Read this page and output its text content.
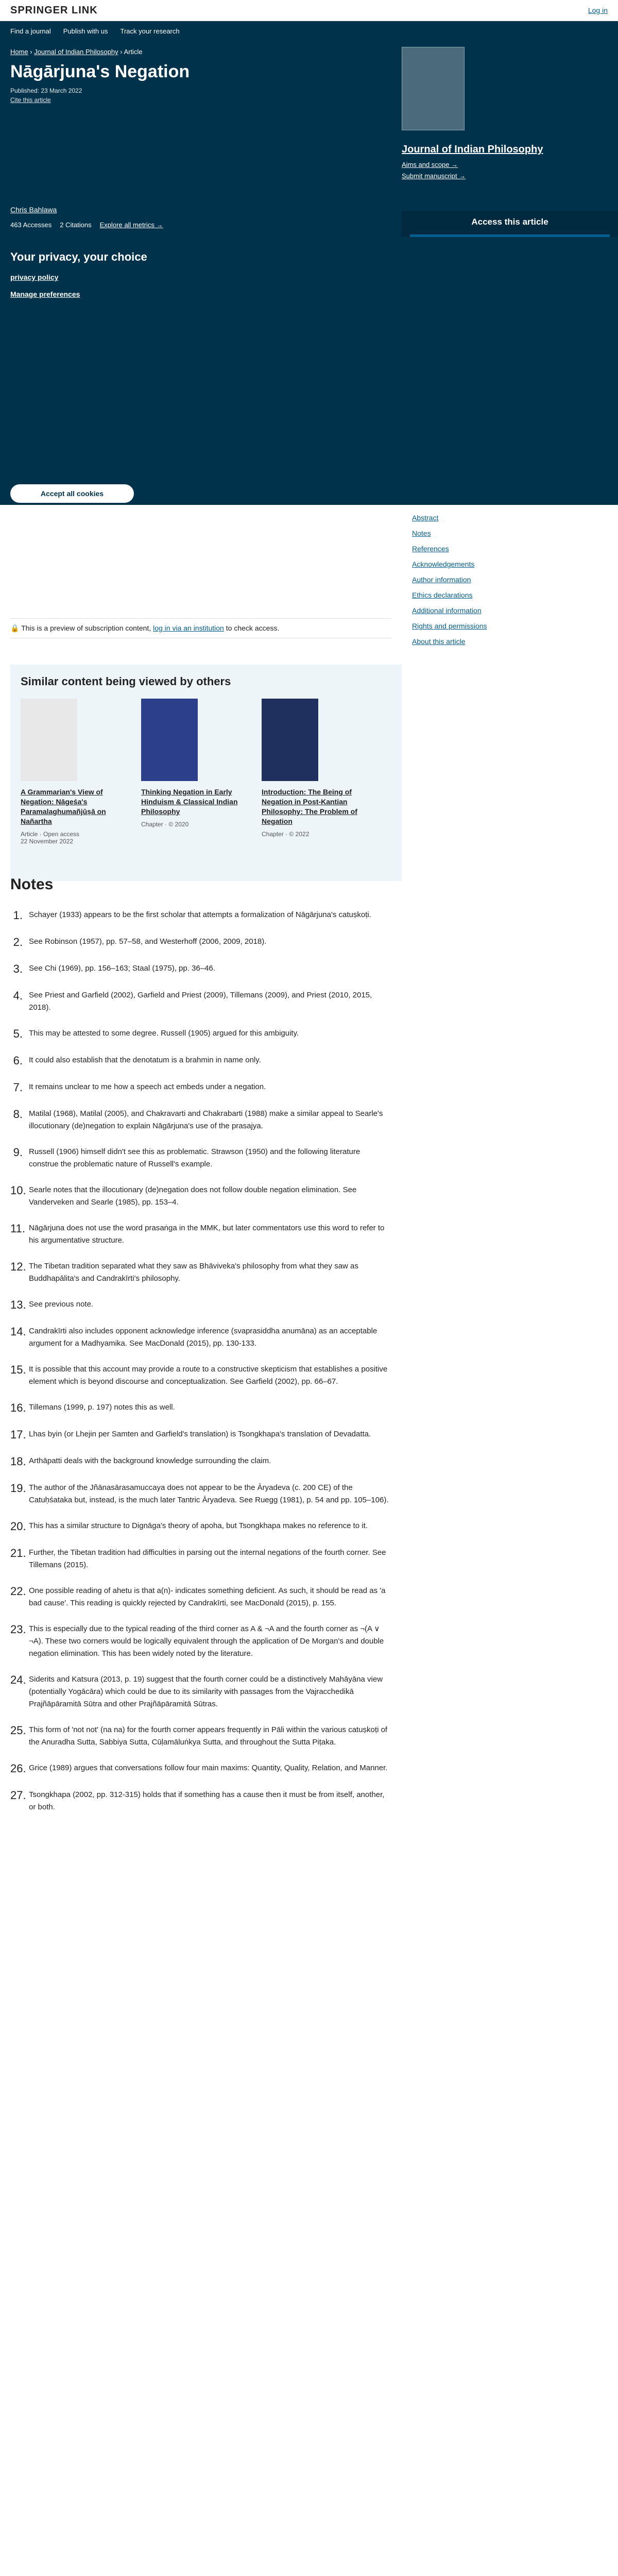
SPRINGER LINK	Log in
Find a journal Publish with us Track your research
Home › Journal of Indian Philosophy › Article
Nāgārjuna's Negation
Published: 23 March 2022
Cite this article
Journal of Indian Philosophy
Aims and scope →
Submit manuscript →
Chris Bahlawa
463 Accesses 2 Citations Explore all metrics →	Access this article
Your privacy, your choice

privacy policy

Manage preferences

Accept all cookies
🔒 This is a preview of subscription content, log in via an institution to check access.
Abstract
Notes
References
Acknowledgements
Author information
Ethics declarations
Additional information
Rights and permissions
About this article
Similar content being viewed by others
A Grammarian's View of Negation: Nāgeśa's Paramalaghumañjūṣā on Nañartha
Article · Open access
22 November 2022
Thinking Negation in Early Hinduism & Classical Indian Philosophy
Chapter · © 2020
Introduction: The Being of Negation in Post-Kantian Philosophy: The Problem of Negation
Chapter · © 2022
Notes
1. Schayer (1933) appears to be the first scholar that attempts a formalization of Nāgārjuna's catuṣkoṭi.
2. See Robinson (1957), pp. 57–58, and Westerhoff (2006, 2009, 2018).
3. See Chi (1969), pp. 156–163; Staal (1975), pp. 36–46.
4. See Priest and Garfield (2002), Garfield and Priest (2009), Tillemans (2009), and Priest (2010, 2015, 2018).
5. This may be attested to some degree. Russell (1905) argued for this ambiguity.
6. It could also establish that the denotatum is a brahmin in name only.
7. It remains unclear to me how a speech act embeds under a negation.
8. Matilal (1968), Matilal (2005), and Chakravarti and Chakrabarti (1988) make a similar appeal to Searle's illocutionary (de)negation to explain Nāgārjuna's use of the prasajya.
9. Russell (1906) himself didn't see this as problematic. Strawson (1950) and the following literature construe the problematic nature of Russell's example.
10. Searle notes that the illocutionary (de)negation does not follow double negation elimination. See Vanderveken and Searle (1985), pp. 153–4.
11. Nāgārjuna does not use the word prasaṅga in the MMK, but later commentators use this word to refer to his argumentative structure.
12. The Tibetan tradition separated what they saw as Bhāviveka's philosophy from what they saw as Buddhapālita's and Candrakīrti's philosophy.
13. See previous note.
14. Candrakīrti also includes opponent acknowledge inference (svaprasiddha anumāna) as an acceptable argument for a Madhyamika. See MacDonald (2015), pp. 130-133.
15. It is possible that this account may provide a route to a constructive skepticism that establishes a positive element which is beyond discourse and conceptualization. See Garfield (2002), pp. 66–67.
16. Tillemans (1999, p. 197) notes this as well.
17. Lhas byin (or Lhejin per Samten and Garfield's translation) is Tsongkhapa's translation of Devadatta.
18. Arthāpatti deals with the background knowledge surrounding the claim.
19. The author of the Jñānasārasamuccaya does not appear to be the Āryadeva (c. 200 CE) of the Catuḥśataka but, instead, is the much later Tantric Āryadeva. See Ruegg (1981), p. 54 and pp. 105–106).
20. This has a similar structure to Dignāga's theory of apoha, but Tsongkhapa makes no reference to it.
21. Further, the Tibetan tradition had difficulties in parsing out the internal negations of the fourth corner. See Tillemans (2015).
22. One possible reading of ahetu is that a(n)- indicates something deficient. As such, it should be read as 'a bad cause'. This reading is quickly rejected by Candrakīrti, see MacDonald (2015), p. 155.
23. This is especially due to the typical reading of the third corner as A & ¬A and the fourth corner as ¬(A ∨ ¬A). These two corners would be logically equivalent through the application of De Morgan's and double negation elimination. This has been widely noted by the literature.
24. Siderits and Katsura (2013, p. 19) suggest that the fourth corner could be a distinctively Mahāyāna view (potentially Yogācāra) which could be due to its similarity with passages from the Vajracchedikā Prajñāpāramitā Sūtra and other Prajñāpāramitā Sūtras.
25. This form of 'not not' (na na) for the fourth corner appears frequently in Pāli within the various catuṣkoṭi of the Anuradha Sutta, Sabbiya Sutta, Cūḷamāluṅkya Sutta, and throughout the Sutta Piṭaka.
26. Grice (1989) argues that conversations follow four main maxims: Quantity, Quality, Relation, and Manner.
27. Tsongkhapa (2002, pp. 312-315) holds that if something has a cause then it must be from itself, another, or both.
